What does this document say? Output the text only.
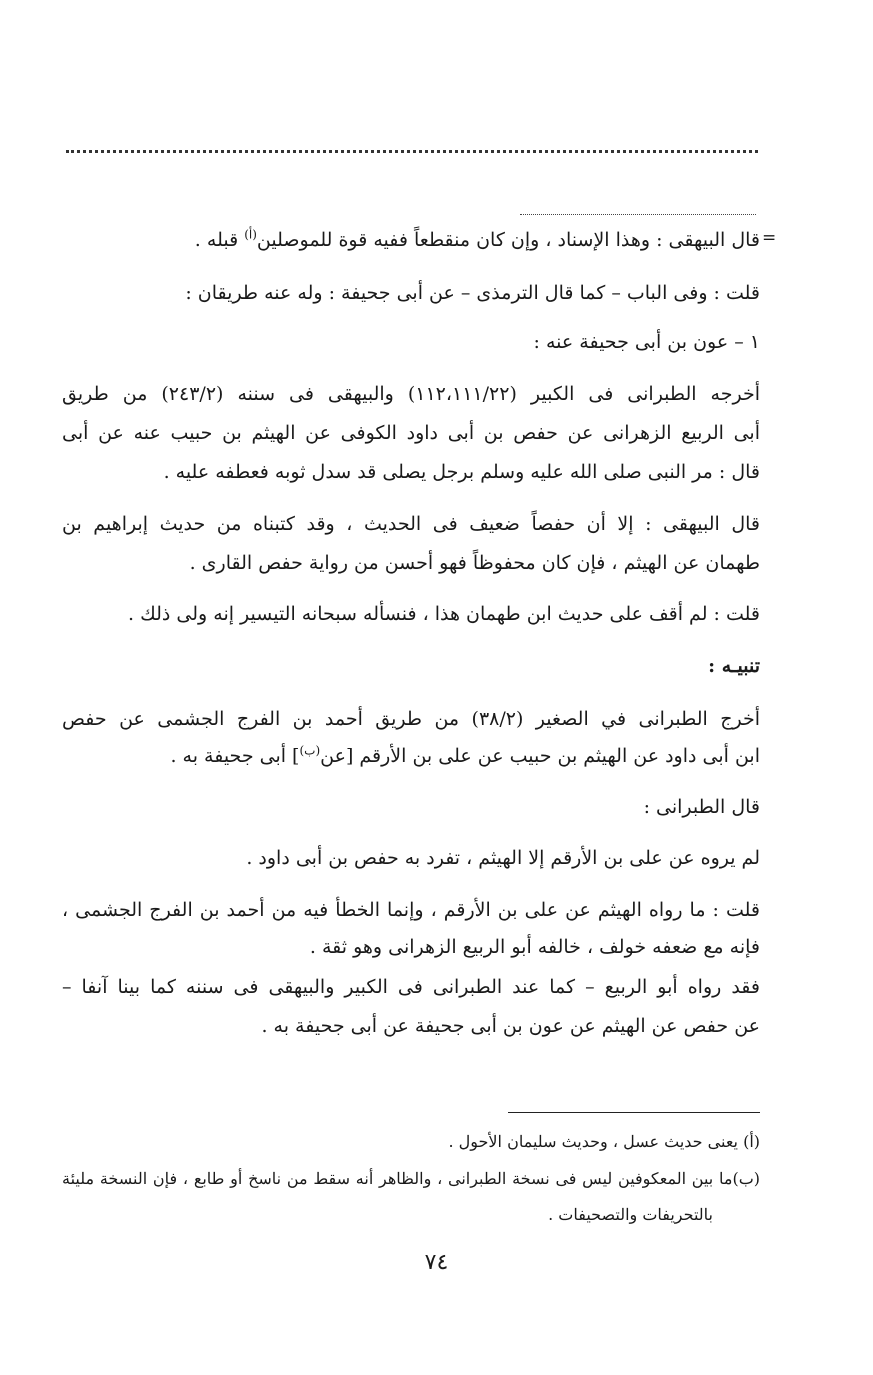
=
قال البيهقى : وهذا الإسناد ، وإن كان منقطعاً ففيه قوة للموصلين$^{(أ)}$ قبله .
قلت : وفى الباب – كما قال الترمذى – عن أبى جحيفة : وله عنه طريقان :
١ – عون بن أبى جحيفة عنه :
أخرجه الطبرانى فى الكبير (١١٢،١١١/٢٢) والبيهقى فى سننه (٢٤٣/٢) من طريق
أبى الربيع الزهرانى عن حفص بن أبى داود الكوفى عن الهيثم بن حبيب عنه عن أبى
قال : مر النبى صلى الله عليه وسلم برجل يصلى قد سدل ثوبه فعطفه عليه .
قال البيهقى : إلا أن حفصاً ضعيف فى الحديث ، وقد كتبناه من حديث إبراهيم بن
طهمان عن الهيثم ، فإن كان محفوظاً فهو أحسن من رواية حفص القارى .
قلت : لم أقف على حديث ابن طهمان هذا ، فنسأله سبحانه التيسير إنه ولى ذلك .
تنبيـه :
أخرج الطبرانى في الصغير (٣٨/٢) من طريق أحمد بن الفرج الجشمى عن حفص
ابن أبى داود عن الهيثم بن حبيب عن على بن الأرقم [عن$^{(ب)}$] أبى جحيفة به .
قال الطبرانى :
لم يروه عن على بن الأرقم إلا الهيثم ، تفرد به حفص بن أبى داود .
قلت : ما رواه الهيثم عن على بن الأرقم ، وإنما الخطأ فيه من أحمد بن الفرج الجشمى ،
فإنه مع ضعفه خولف ، خالفه أبو الربيع الزهرانى وهو ثقة .
فقد رواه أبو الربيع – كما عند الطبرانى فى الكبير والبيهقى فى سننه كما بينا آنفا –
عن حفص عن الهيثم عن عون بن أبى جحيفة عن أبى جحيفة به .
(أ) يعنى حديث عسل ، وحديث سليمان الأحول .
(ب)ما بين المعكوفين ليس فى نسخة الطبرانى ، والظاهر أنه سقط من ناسخ أو طابع ، فإن النسخة مليئة
بالتحريفات والتصحيفات .
٧٤
